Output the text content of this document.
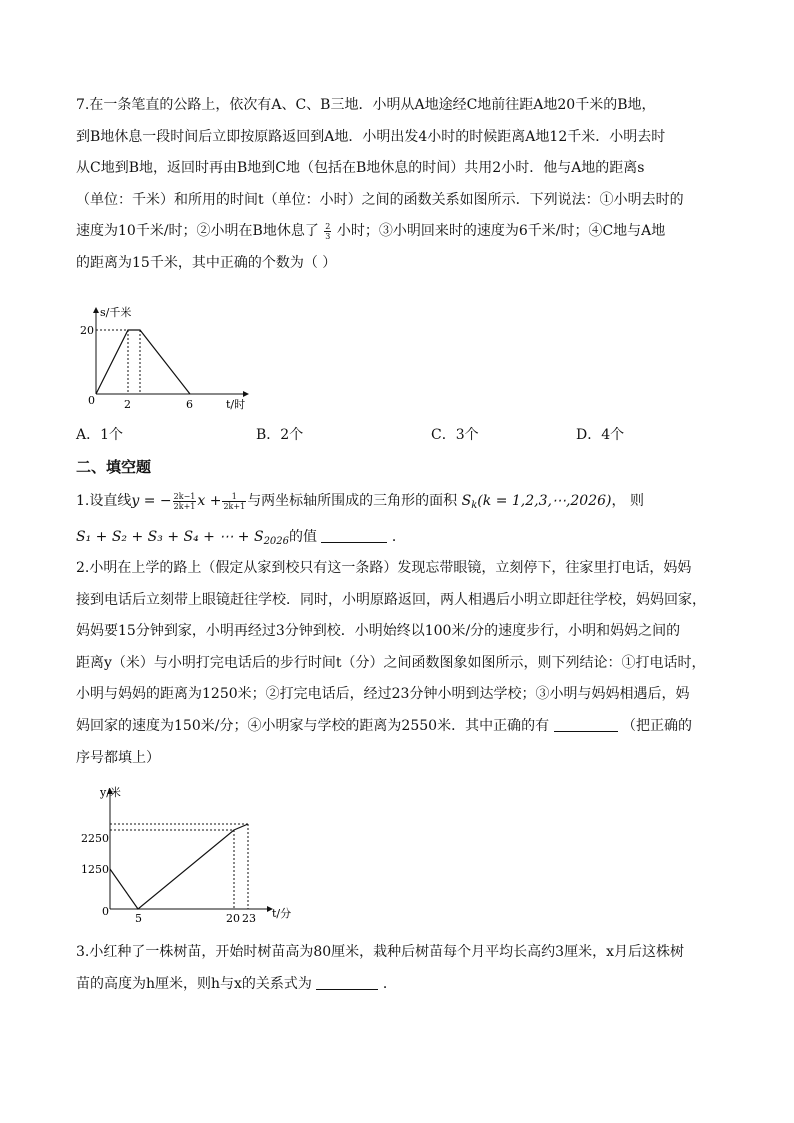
7.在一条笔直的公路上，依次有A、C、B三地．小明从A地途经C地前往距A地20千米的B地，
到B地休息一段时间后立即按原路返回到A地．小明出发4小时的时候距离A地12千米．小明去时
从C地到B地，返回时再由B地到C地（包括在B地休息的时间）共用2小时．他与A地的距离s
（单位：千米）和所用的时间t（单位：小时）之间的函数关系如图所示．下列说法：①小明去时的
速度为10千米/时；②小明在B地休息了 $\frac{2}{3}$ 小时；③小明回来时的速度为6千米/时；④C地与A地
的距离为15千米，其中正确的个数为（ ）
s/千米
t/时
0
20
2	6
A．1个	B．2个	C．3个	D．4个
二、填空题
1.设直线y = − $\frac{2k-1}{2k+1}$ $x + \frac{1}{2k+1}$ 与两坐标轴所围成的三角形的面积 $S_k(k$ = 1,2,3,⋯,2026)， 则
S₁ + S₂ + S₃ + S₄ + ⋯ + $S_{2026}$的值	．
2.小明在上学的路上（假定从家到校只有这一条路）发现忘带眼镜，立刻停下，往家里打电话，妈妈
接到电话后立刻带上眼镜赶往学校．同时，小明原路返回，两人相遇后小明立即赶往学校，妈妈回家，
妈妈要15分钟到家，小明再经过3分钟到校．小明始终以100米/分的速度步行，小明和妈妈之间的
距离y（米）与小明打完电话后的步行时间t（分）之间函数图象如图所示，则下列结论：①打电话时，
小明与妈妈的距离为1250米；②打完电话后，经过23分钟小明到达学校；③小明与妈妈相遇后，妈
妈回家的速度为150米/分；④小明家与学校的距离为2550米．其中正确的有	（把正确的
序号都填上）
y/米
t/分
0
2250
1250
5	20 23
3.小红种了一株树苗，开始时树苗高为80厘米，栽种后树苗每个月平均长高约3厘米，x月后这株树
苗的高度为h厘米，则h与x的关系式为	．
